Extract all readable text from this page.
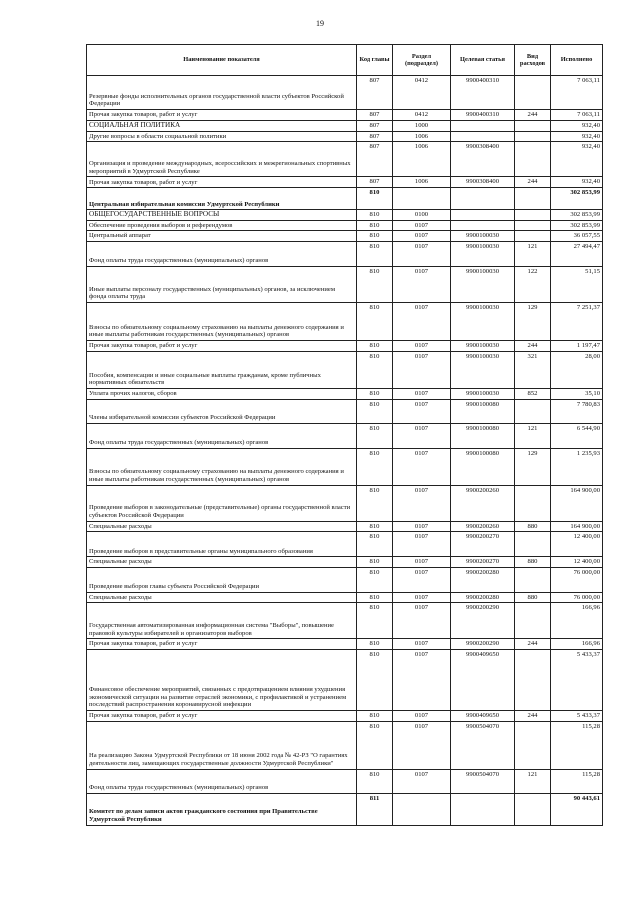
19
Наименование показателя	Код главы	Раздел (подраздел)	Целевая статья	Вид расходов	Исполнено
Резервные фонды исполнительных органов государственной власти субъектов Российской Федерации	807	0412	9900400310		7 063,11
Прочая закупка товаров, работ и услуг	807	0412	9900400310	244	7 063,11
СОЦИАЛЬНАЯ ПОЛИТИКА	807	1000			932,40
Другие вопросы в области социальной политики	807	1006			932,40
Организация и проведение международных, всероссийских и межрегиональных спортивных мероприятий в Удмуртской Республике	807	1006	9900308400		932,40
Прочая закупка товаров, работ и услуг	807	1006	9900308400	244	932,40
Центральная избирательная комиссия Удмуртской Республики	810				302 853,99
ОБЩЕГОСУДАРСТВЕННЫЕ ВОПРОСЫ	810	0100			302 853,99
Обеспечение проведения выборов и референдумов	810	0107			302 853,99
Центральный аппарат	810	0107	9900100030		36 057,55
Фонд оплаты труда государственных (муниципальных) органов	810	0107	9900100030	121	27 494,47
Иные выплаты персоналу государственных (муниципальных) органов, за исключением фонда оплаты труда	810	0107	9900100030	122	51,15
Взносы по обязательному социальному страхованию на выплаты денежного содержания и иные выплаты работникам государственных (муниципальных) органов	810	0107	9900100030	129	7 251,37
Прочая закупка товаров, работ и услуг	810	0107	9900100030	244	1 197,47
Пособия, компенсации и иные социальные выплаты гражданам, кроме публичных нормативных обязательств	810	0107	9900100030	321	28,00
Уплата прочих налогов, сборов	810	0107	9900100030	852	35,10
Члены избирательной комиссии субъектов Российской Федерации	810	0107	9900100080		7 780,83
Фонд оплаты труда государственных (муниципальных) органов	810	0107	9900100080	121	6 544,90
Взносы по обязательному социальному страхованию на выплаты денежного содержания и иные выплаты работникам государственных (муниципальных) органов	810	0107	9900100080	129	1 235,93
Проведение выборов в законодательные (представительные) органы государственной власти субъектов Российской Федерации	810	0107	9900200260		164 900,00
Специальные расходы	810	0107	9900200260	880	164 900,00
Проведение выборов в представительные органы муниципального образования	810	0107	9900200270		12 400,00
Специальные расходы	810	0107	9900200270	880	12 400,00
Проведение выборов главы субъекта Российской Федерации	810	0107	9900200280		76 000,00
Специальные расходы	810	0107	9900200280	880	76 000,00
Государственная автоматизированная информационная система "Выборы", повышение правовой культуры избирателей и организаторов выборов	810	0107	9900200290		166,96
Прочая закупка товаров, работ и услуг	810	0107	9900200290	244	166,96
Финансовое обеспечение мероприятий, связанных с предотвращением влияния ухудшения экономической ситуации на развитие отраслей экономики, с профилактикой и устранением последствий распространения коронавирусной инфекции	810	0107	9900409650		5 433,37
Прочая закупка товаров, работ и услуг	810	0107	9900409650	244	5 433,37
На реализацию Закона Удмуртской Республики от 18 июня 2002 года № 42-РЗ "О гарантиях деятельности лиц, замещающих государственные должности Удмуртской Республики"	810	0107	9900504070		115,28
Фонд оплаты труда государственных (муниципальных) органов	810	0107	9900504070	121	115,28
Комитет по делам записи актов гражданского состояния при Правительстве Удмуртской Республики	811				90 443,61
